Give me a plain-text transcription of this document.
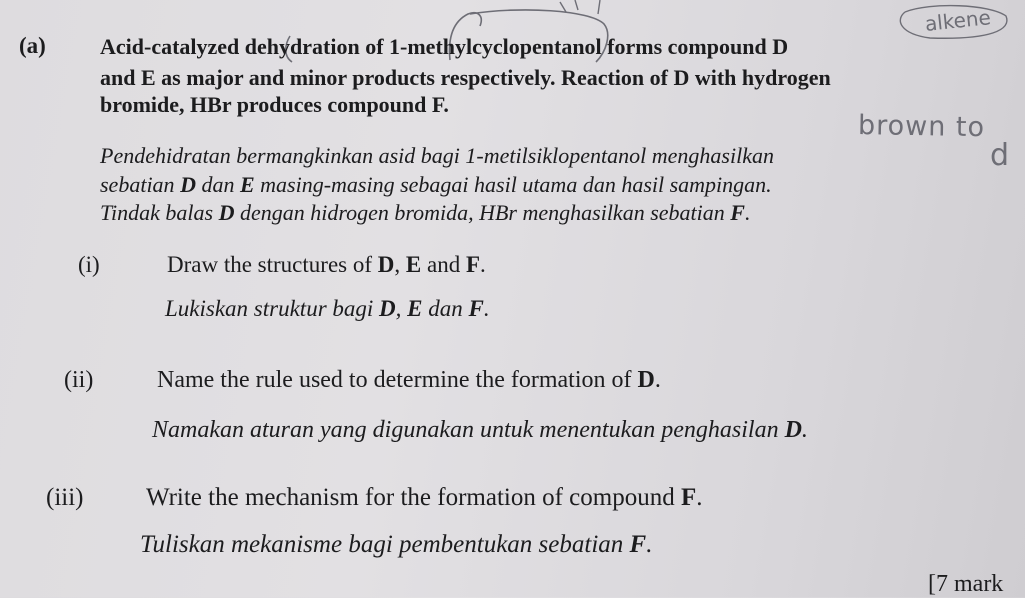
alkene
brown to
d
(a) Acid-catalyzed dehydration of 1-methylcyclopentanol forms compound D
and E as major and minor products respectively. Reaction of D with hydrogen
bromide, HBr produces compound F.
Pendehidratan bermangkinkan asid bagi 1-metilsiklopentanol menghasilkan
sebatian D dan E masing-masing sebagai hasil utama dan hasil sampingan.
Tindak balas D dengan hidrogen bromida, HBr menghasilkan sebatian F.
(i)	Draw the structures of D, E and F.
Lukiskan struktur bagi D, E dan F.
(ii)	Name the rule used to determine the formation of D.
Namakan aturan yang digunakan untuk menentukan penghasilan D.
(iii)	Write the mechanism for the formation of compound F.
Tuliskan mekanisme bagi pembentukan sebatian F.
[7 mark
